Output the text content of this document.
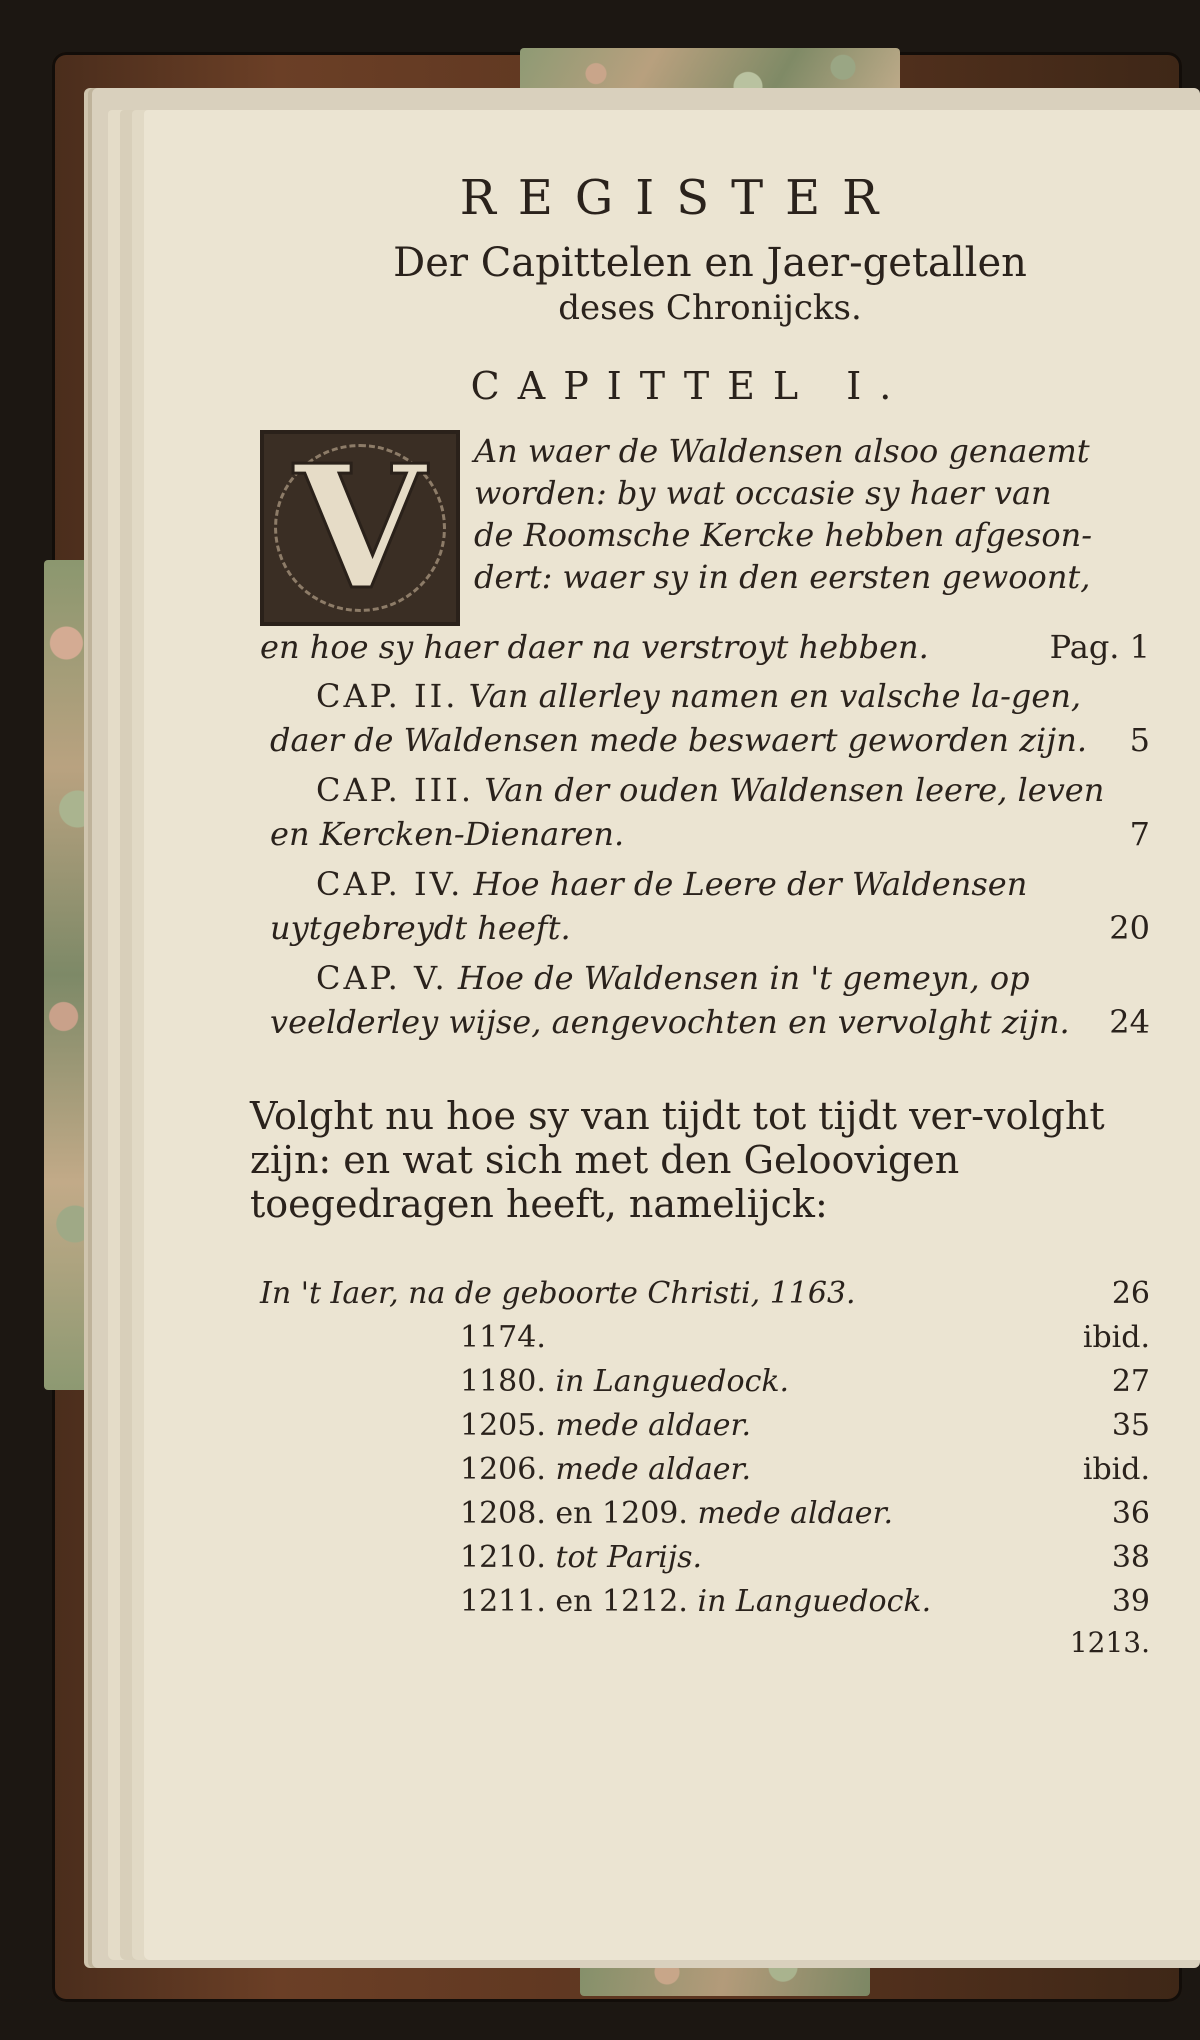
REGISTER
Der Capittelen en Jaer-getallen
deses Chronijcks.
CAPITTEL I.
V	An waer de Waldensen alsoo genaemt
worden: by wat occasie sy haer van
de Roomsche Kercke hebben afgeson-
dert: waer sy in den eersten gewoont,
en hoe sy haer daer na verstroyt hebben.	Pag. 1
CAP. II. Van allerley namen en valsche la-gen, daer de Waldensen mede beswaert geworden zijn. 5
CAP. III. Van der ouden Waldensen leere, leven en Kercken-Dienaren.	7
CAP. IV. Hoe haer de Leere der Waldensen uytgebreydt heeft.	20
CAP. V. Hoe de Waldensen in 't gemeyn, op veelderley wijse, aengevochten en vervolght zijn. 24
Volght nu hoe sy van tijdt tot tijdt ver-volght zijn: en wat sich met den Geloovigen toegedragen heeft, namelijck:
In 't Iaer, na de geboorte Christi, 1163.	26
1174.	ibid.
1180. in Languedock.	27
1205. mede aldaer.	35
1206. mede aldaer.	ibid.
1208. en 1209. mede aldaer.	36
1210. tot Parijs.	38
1211. en 1212. in Languedock.	39
1213.
